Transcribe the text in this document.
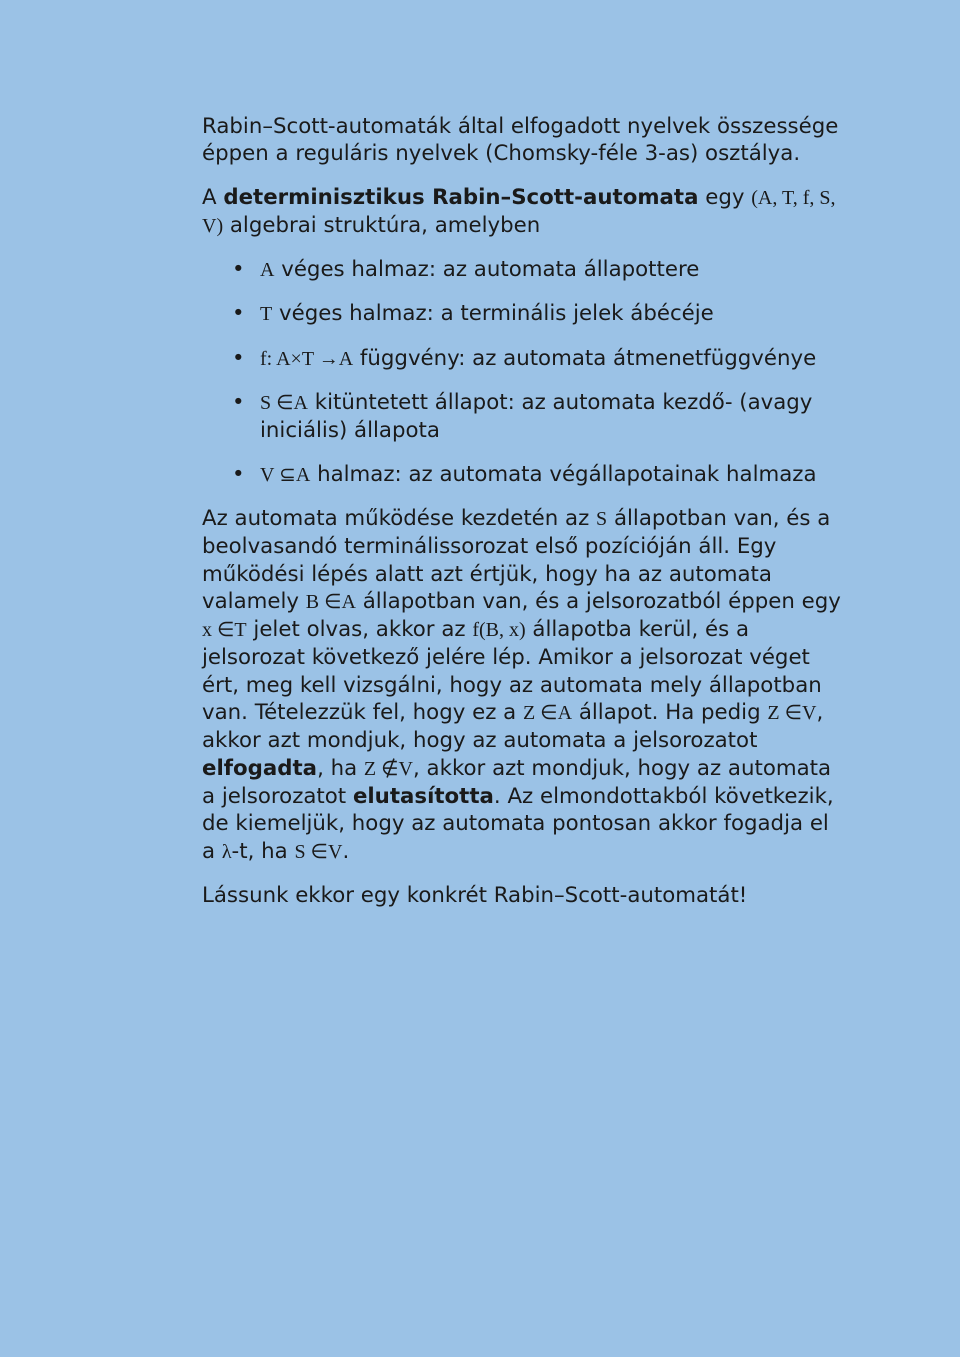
Rabin–Scott-automaták által elfogadott nyelvek összessége éppen a reguláris nyelvek (Chomsky-féle 3-as) osztálya.

A determinisztikus Rabin–Scott-automata egy (A, T, f, S, V) algebrai struktúra, amelyben

• A véges halmaz: az automata állapottere
• T véges halmaz: a terminális jelek ábécéje
• f: A×T →A függvény: az automata átmenetfüggvénye
• S ∈A kitüntetett állapot: az automata kezdő- (avagy iniciális) állapota
• V ⊆A halmaz: az automata végállapotainak halmaza

Az automata működése kezdetén az S állapotban van, és a beolvasandó terminálissorozat első pozícióján áll. Egy működési lépés alatt azt értjük, hogy ha az automata valamely B ∈A állapotban van, és a jelsorozatból éppen egy x ∈T jelet olvas, akkor az f(B, x) állapotba kerül, és a jelsorozat következő jelére lép. Amikor a jelsorozat véget ért, meg kell vizsgálni, hogy az automata mely állapotban van. Tételezzük fel, hogy ez a Z ∈A állapot. Ha pedig Z ∈V, akkor azt mondjuk, hogy az automata a jelsorozatot elfogadta, ha Z ∉V, akkor azt mondjuk, hogy az automata a jelsorozatot elutasította. Az elmondottakból következik, de kiemeljük, hogy az automata pontosan akkor fogadja el a λ-t, ha S ∈V.

Lássunk ekkor egy konkrét Rabin–Scott-automatát!
